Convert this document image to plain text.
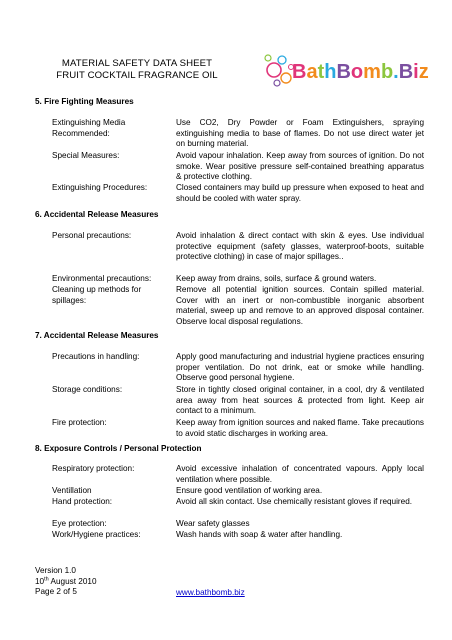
MATERIAL SAFETY DATA SHEET
FRUIT COCKTAIL FRAGRANCE OIL	BathBomb.Biz
5. Fire Fighting Measures
Extinguishing Media
Recommended:
Use CO2, Dry Powder or Foam Extinguishers, spraying extinguishing media to base of flames. Do not use direct water jet on burning material.
Special Measures:	Avoid vapour inhalation. Keep away from sources of ignition. Do not smoke. Wear positive pressure self-contained breathing apparatus & protective clothing.
Extinguishing Procedures:	Closed containers may build up pressure when exposed to heat and should be cooled with water spray.
6. Accidental Release Measures
Personal precautions:	Avoid inhalation & direct contact with skin & eyes. Use individual protective equipment (safety glasses, waterproof-boots, suitable protective clothing) in case of major spillages..
Environmental precautions:	Keep away from drains, soils, surface & ground waters.
Cleaning up methods for
spillages:
Remove all potential ignition sources. Contain spilled material. Cover with an inert or non-combustible inorganic absorbent material, sweep up and remove to an approved disposal container. Observe local disposal regulations.
7. Accidental Release Measures
Precautions in handling:	Apply good manufacturing and industrial hygiene practices ensuring proper ventilation. Do not drink, eat or smoke while handling. Observe good personal hygiene.
Storage conditions:	Store in tightly closed original container, in a cool, dry & ventilated area away from heat sources & protected from light. Keep air contact to a minimum.
Fire protection:	Keep away from ignition sources and naked flame. Take precautions to avoid static discharges in working area.
8. Exposure Controls / Personal Protection
Respiratory protection:	Avoid excessive inhalation of concentrated vapours. Apply local ventilation where possible.
Ventillation	Ensure good ventilation of working area.
Hand protection:	Avoid all skin contact. Use chemically resistant gloves if required.
Eye protection:	Wear safety glasses
Work/Hygiene practices:	Wash hands with soap & water after handling.
Version 1.0
10th August 2010
Page 2 of 5	www.bathbomb.biz
